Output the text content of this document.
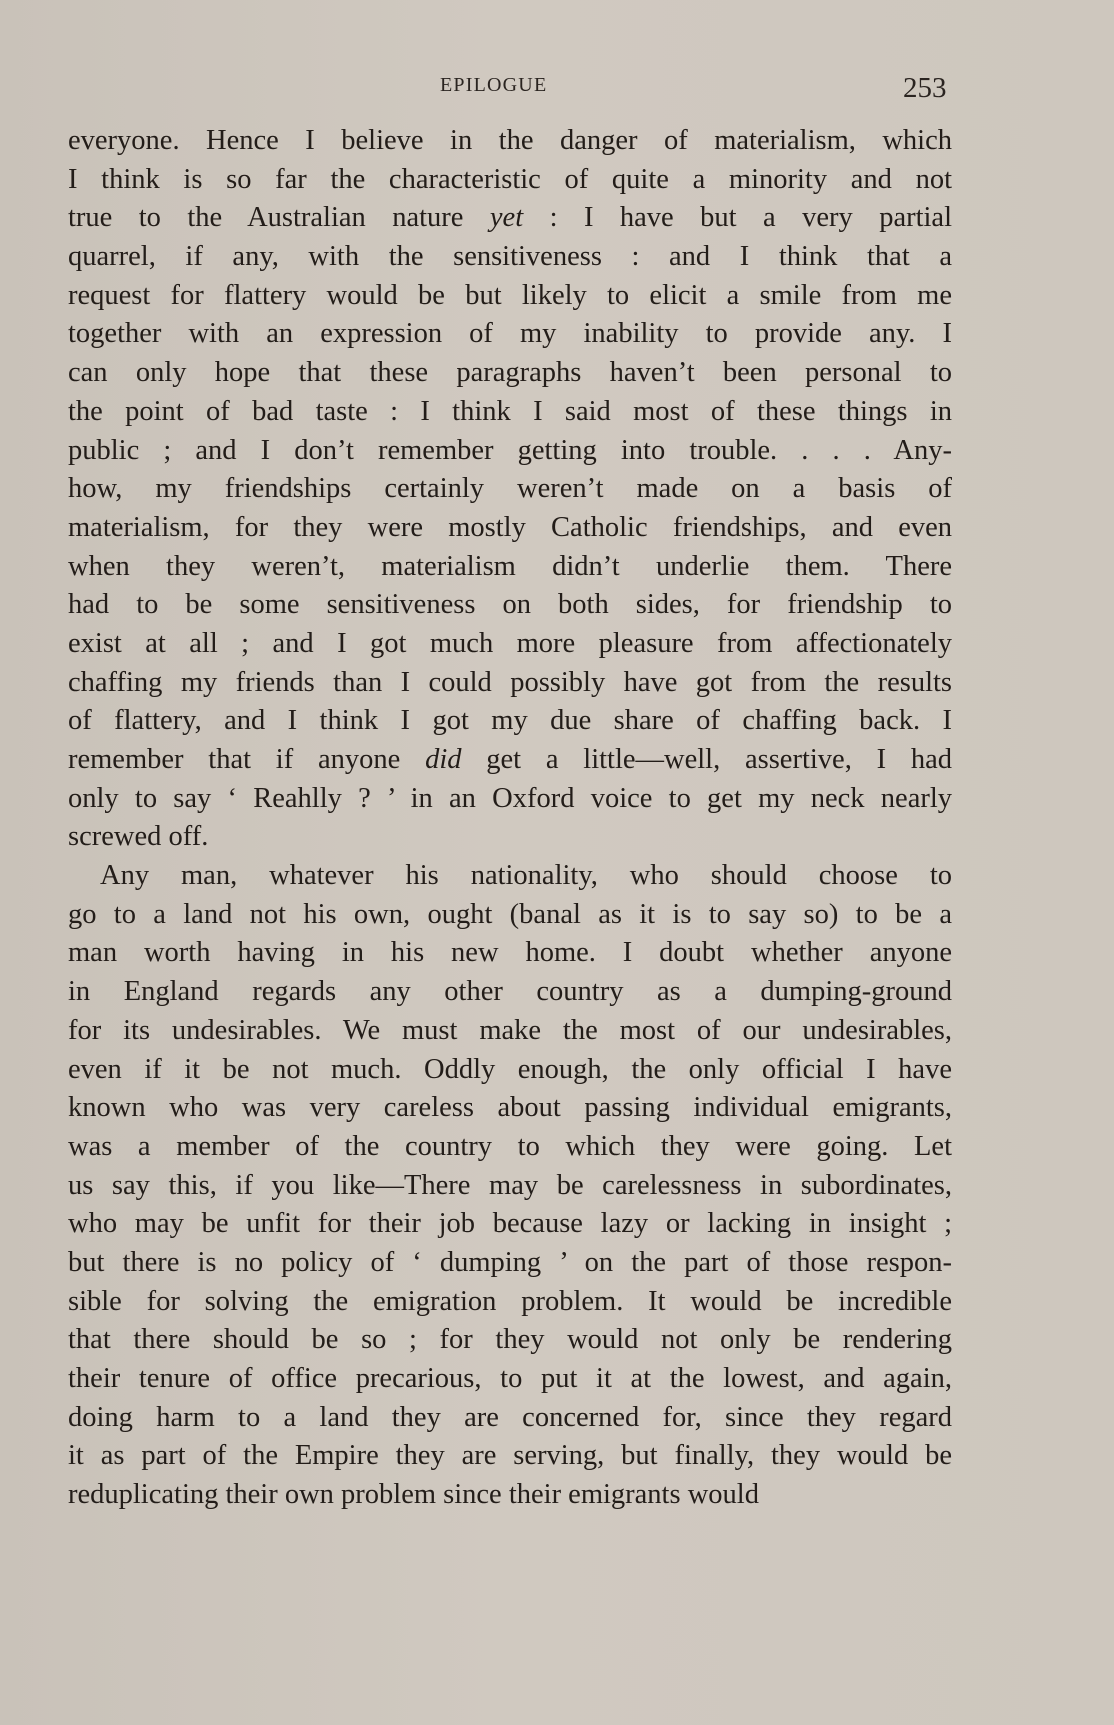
EPILOGUE	253
everyone. Hence I believe in the danger of materialism, which
I think is so far the characteristic of quite a minority and not
true to the Australian nature yet : I have but a very partial
quarrel, if any, with the sensitiveness : and I think that a
request for flattery would be but likely to elicit a smile from me
together with an expression of my inability to provide any. I
can only hope that these paragraphs haven’t been personal to
the point of bad taste : I think I said most of these things in
public ; and I don’t remember getting into trouble. . . . Any-
how, my friendships certainly weren’t made on a basis of
materialism, for they were mostly Catholic friendships, and even
when they weren’t, materialism didn’t underlie them. There
had to be some sensitiveness on both sides, for friendship to
exist at all ; and I got much more pleasure from affectionately
chaffing my friends than I could possibly have got from the results
of flattery, and I think I got my due share of chaffing back. I
remember that if anyone did get a little—well, assertive, I had
only to say ‘ Reahlly ? ’ in an Oxford voice to get my neck nearly
screwed off.
Any man, whatever his nationality, who should choose to
go to a land not his own, ought (banal as it is to say so) to be a
man worth having in his new home. I doubt whether anyone
in England regards any other country as a dumping-ground
for its undesirables. We must make the most of our undesirables,
even if it be not much. Oddly enough, the only official I have
known who was very careless about passing individual emigrants,
was a member of the country to which they were going. Let
us say this, if you like—There may be carelessness in subordinates,
who may be unfit for their job because lazy or lacking in insight ;
but there is no policy of ‘ dumping ’ on the part of those respon-
sible for solving the emigration problem. It would be incredible
that there should be so ; for they would not only be rendering
their tenure of office precarious, to put it at the lowest, and again,
doing harm to a land they are concerned for, since they regard
it as part of the Empire they are serving, but finally, they would be
reduplicating their own problem since their emigrants would
